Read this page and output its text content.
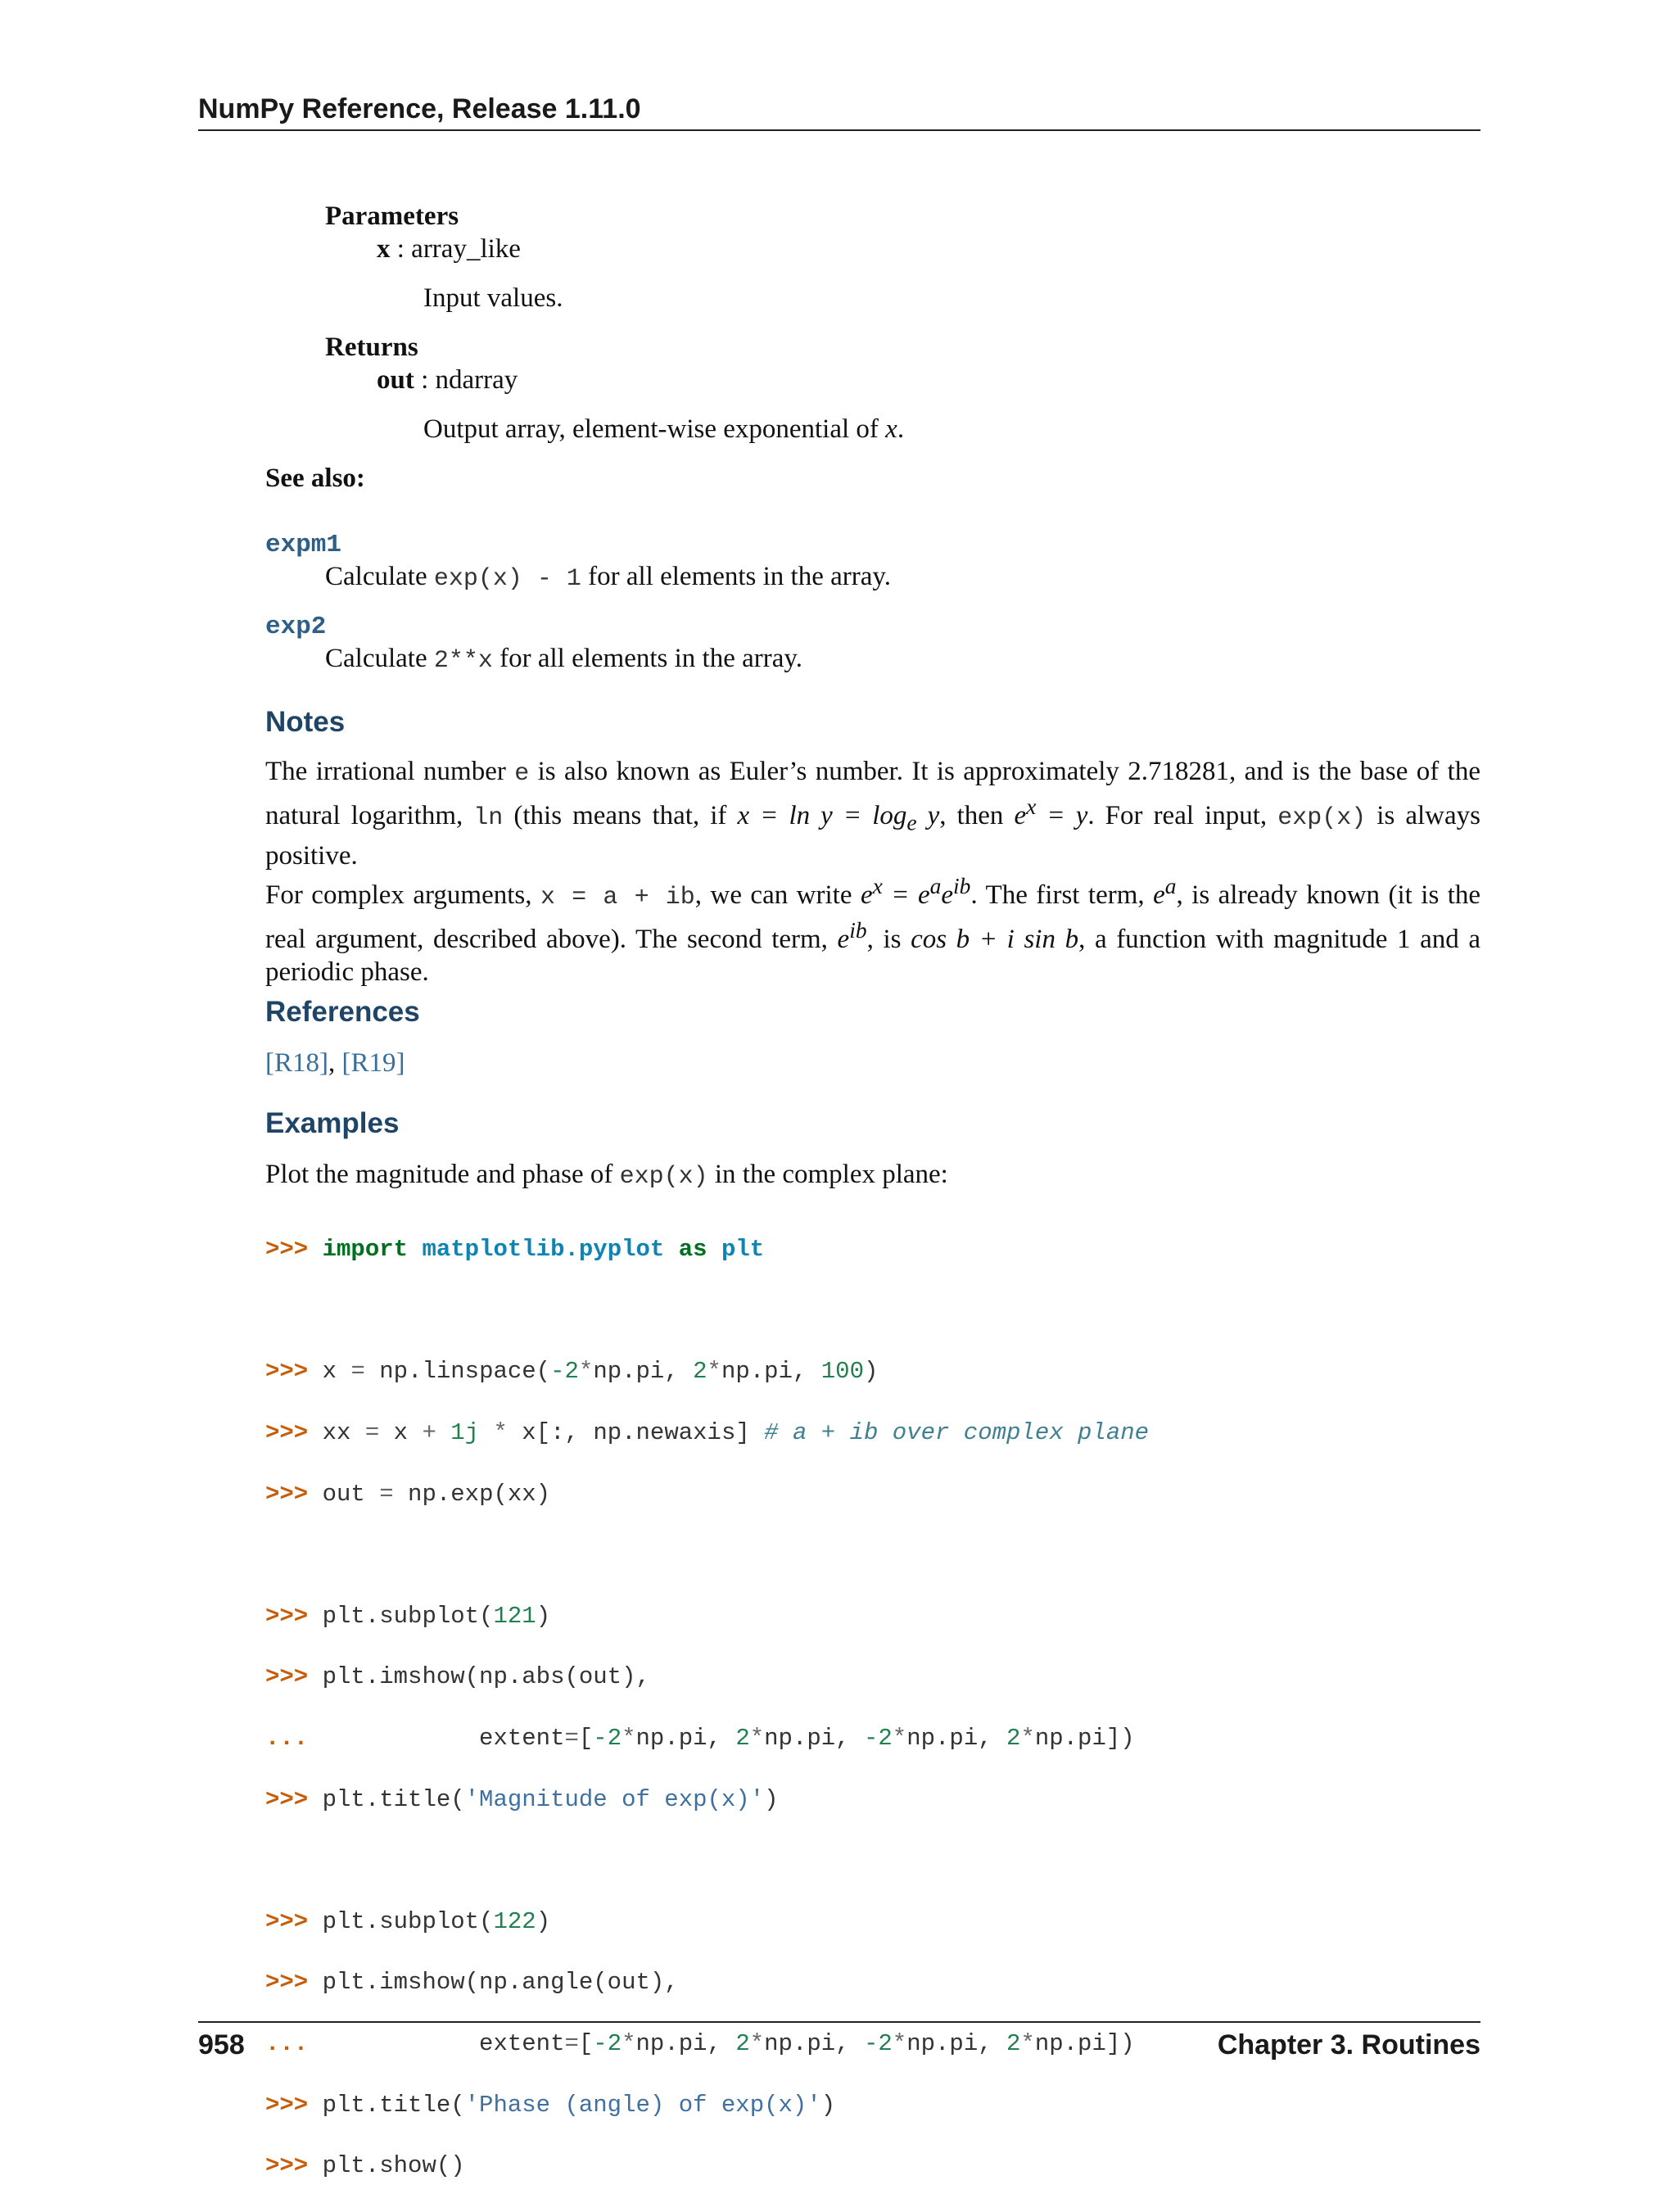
NumPy Reference, Release 1.11.0
Parameters
x : array_like
Input values.
Returns
out : ndarray
Output array, element-wise exponential of x.
See also:
expm1
Calculate exp(x) - 1 for all elements in the array.
exp2
Calculate 2**x for all elements in the array.
Notes
The irrational number e is also known as Euler’s number. It is approximately 2.718281, and is the base of the natural logarithm, ln (this means that, if $x = \ln y = \log_e y$, then $e^x = y$. For real input, exp(x) is always positive.
For complex arguments, x = a + ib, we can write $e^x = e^ae^{ib}$. The first term, $e^a$, is already known (it is the real argument, described above). The second term, $e^{ib}$, is cos b + i sin b, a function with magnitude 1 and a periodic phase.
References
[R18], [R19]
Examples
Plot the magnitude and phase of exp(x) in the complex plane:

>>> import matplotlib.pyplot as plt

>>> x = np.linspace(-2*np.pi, 2*np.pi, 100)

>>> xx = x + 1j * x[:, np.newaxis] # a + ib over complex plane

>>> out = np.exp(xx)

>>> plt.subplot(121)

>>> plt.imshow(np.abs(out),

...            extent=[-2*np.pi, 2*np.pi, -2*np.pi, 2*np.pi])

>>> plt.title('Magnitude of exp(x)')

>>> plt.subplot(122)

>>> plt.imshow(np.angle(out),

...            extent=[-2*np.pi, 2*np.pi, -2*np.pi, 2*np.pi])

>>> plt.title('Phase (angle) of exp(x)')

>>> plt.show()

958	Chapter 3. Routines
